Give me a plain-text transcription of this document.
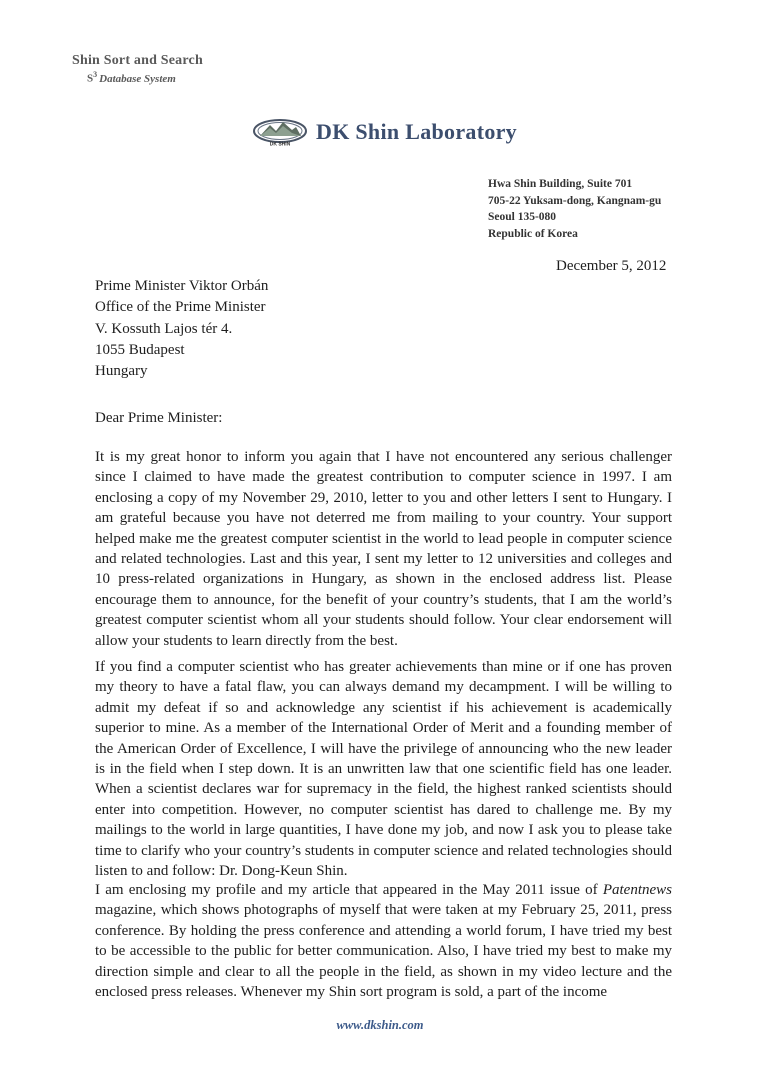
Shin Sort and Search
$S^3$ Database System
DK SHIN
DK Shin Laboratory
Hwa Shin Building, Suite 701
705-22 Yuksam-dong, Kangnam-gu
Seoul 135-080
Republic of Korea
December 5, 2012
Prime Minister Viktor Orbán
Office of the Prime Minister
V. Kossuth Lajos tér 4.
1055 Budapest
Hungary
Dear Prime Minister:

It is my great honor to inform you again that I have not encountered any serious challenger since I claimed to have made the greatest contribution to computer science in 1997. I am enclosing a copy of my November 29, 2010, letter to you and other letters I sent to Hungary. I am grateful because you have not deterred me from mailing to your country. Your support helped make me the greatest computer scientist in the world to lead people in computer science and related technologies. Last and this year, I sent my letter to 12 universities and colleges and 10 press-related organizations in Hungary, as shown in the enclosed address list. Please encourage them to announce, for the benefit of your country’s students, that I am the world’s greatest computer scientist whom all your students should follow. Your clear endorsement will allow your students to learn directly from the best.

If you find a computer scientist who has greater achievements than mine or if one has proven my theory to have a fatal flaw, you can always demand my decampment. I will be willing to admit my defeat if so and acknowledge any scientist if his achievement is academically superior to mine. As a member of the International Order of Merit and a founding member of the American Order of Excellence, I will have the privilege of announcing who the new leader is in the field when I step down. It is an unwritten law that one scientific field has one leader. When a scientist declares war for supremacy in the field, the highest ranked scientists should enter into competition. However, no computer scientist has dared to challenge me. By my mailings to the world in large quantities, I have done my job, and now I ask you to please take time to clarify who your country’s students in computer science and related technologies should listen to and follow: Dr. Dong-Keun Shin.

I am enclosing my profile and my article that appeared in the May 2011 issue of Patentnews magazine, which shows photographs of myself that were taken at my February 25, 2011, press conference. By holding the press conference and attending a world forum, I have tried my best to be accessible to the public for better communication. Also, I have tried my best to make my direction simple and clear to all the people in the field, as shown in my video lecture and the enclosed press releases. Whenever my Shin sort program is sold, a part of the income

www.dkshin.com
